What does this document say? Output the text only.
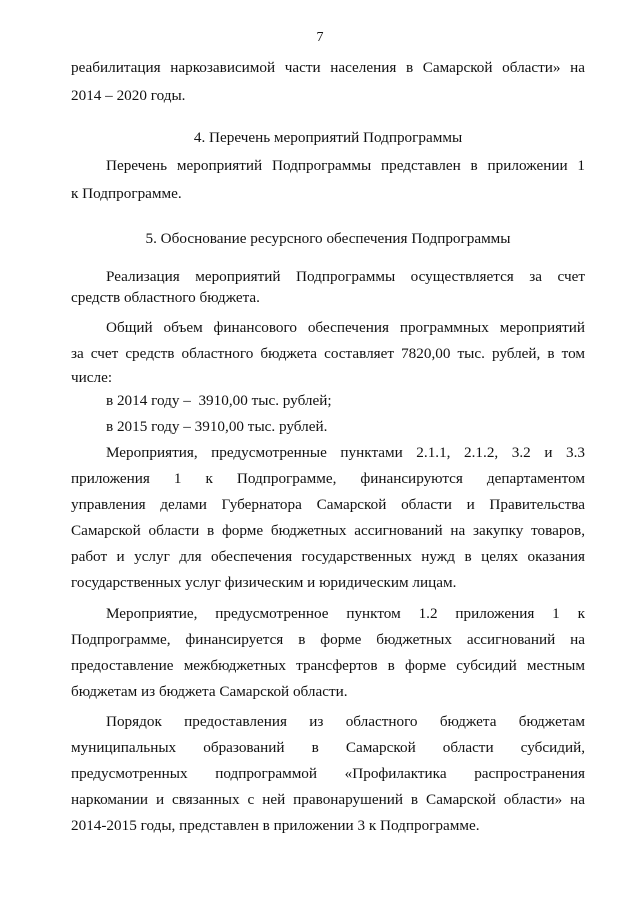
7
реабилитация наркозависимой части населения в Самарской области» на
2014 – 2020 годы.
4. Перечень мероприятий Подпрограммы
Перечень мероприятий Подпрограммы представлен в приложении 1
к Подпрограмме.
5. Обоснование ресурсного обеспечения Подпрограммы
Реализация мероприятий Подпрограммы осуществляется за счет
средств областного бюджета.
Общий объем финансового обеспечения программных мероприятий
за счет средств областного бюджета составляет 7820,00 тыс. рублей, в том
числе:
в 2014 году –  3910,00 тыс. рублей;
в 2015 году – 3910,00 тыс. рублей.
Мероприятия, предусмотренные пунктами 2.1.1, 2.1.2, 3.2 и 3.3
приложения 1 к Подпрограмме, финансируются департаментом
управления делами Губернатора Самарской области и Правительства
Самарской области в форме бюджетных ассигнований на закупку товаров,
работ и услуг для обеспечения государственных нужд в целях оказания
государственных услуг физическим и юридическим лицам.
Мероприятие, предусмотренное пунктом 1.2 приложения 1 к
Подпрограмме, финансируется в форме бюджетных ассигнований на
предоставление межбюджетных трансфертов в форме субсидий местным
бюджетам из бюджета Самарской области.
Порядок предоставления из областного бюджета бюджетам
муниципальных образований в Самарской области субсидий,
предусмотренных подпрограммой «Профилактика распространения
наркомании и связанных с ней правонарушений в Самарской области» на
2014-2015 годы, представлен в приложении 3 к Подпрограмме.
